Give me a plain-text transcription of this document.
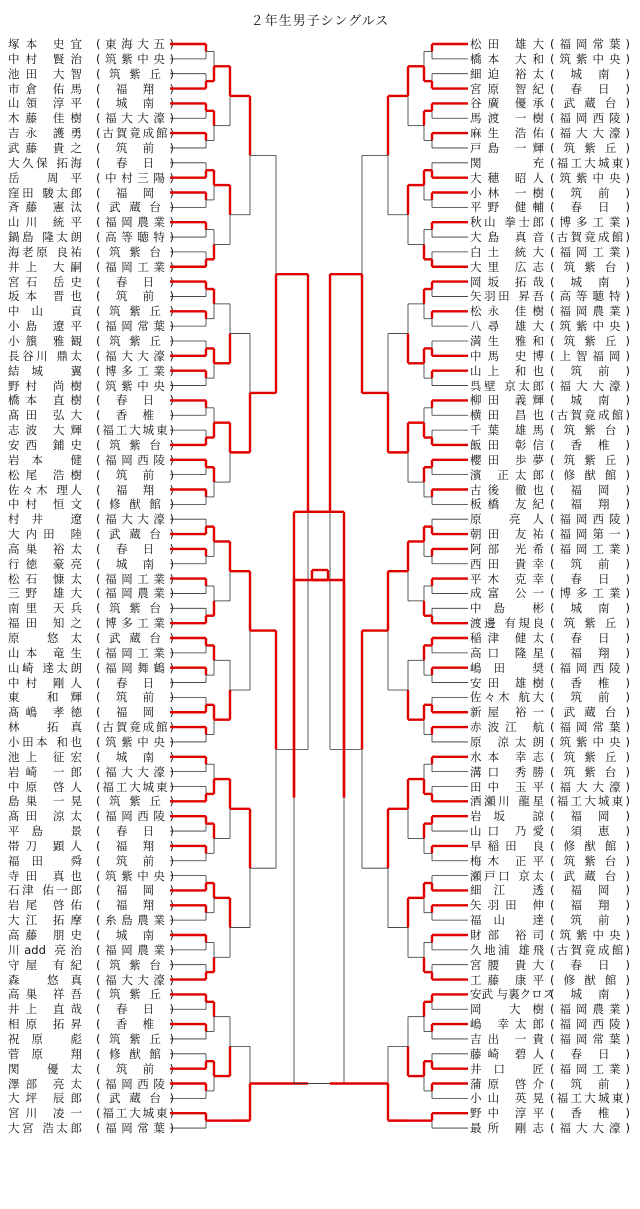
２年生男子シングルス
塚本 史宜 (東海大五)
中村 賢治 (筑紫中央)
池田 大智 (筑紫丘)
市倉 佑馬 (福翔)
山領 淳平 (城南)
木藤 佳樹 (福大大濠)
吉永 護勇 (古賀竟成館)
武藤 貴之 (筑前)
大久保 拓海 (春日)
岳 周平 (中村三陽)
窪田 駿太郎 (福岡)
斉藤 憲汰 (武蔵台)
山川 統平 (福岡農業)
鍋島 隆太朗 (高等聴特)
海老原 良祐 (筑紫台)
井上 大嗣 (福岡工業)
宮石 岳史 (春日)
坂本 晋也 (筑前)
中山 貢 (筑紫丘)
小島 遼平 (福岡常葉)
小籏 雅観 (筑紫丘)
長谷川 鼎太 (福大大濠)
結城 翼 (博多工業)
野村 尚樹 (筑紫中央)
橋本 直樹 (春日)
髙田 弘大 (香椎)
志波 大輝 (福工大城東)
安西 鋪史 (筑紫台)
岩本 健 (福岡西陵)
松尾 浩樹 (筑前)
佐々木 理人 (福翔)
中村 恒文 (修猷館)
村井 遼 (福大大濠)
大内田 陸 (武蔵台)
高巣 裕太 (春日)
行徳 豪亮 (城南)
松石 慷太 (福岡工業)
三野 雄大 (福岡農業)
南里 天兵 (筑紫台)
福田 知之 (博多工業)
原 悠太 (武蔵台)
山本 竜生 (福岡工業)
山崎 達太朗 (福岡舞鶴)
中村 剛人 (春日)
東 和輝 (筑前)
髙嶋 孝徳 (福岡)
林 拓真 (古賀竟成館)
小田本 和也 (筑紫中央)
池上 征宏 (城南)
岩崎 一郎 (福大大濠)
中原 啓人 (福工大城東)
島巣 一晃 (筑紫丘)
髙田 涼太 (福岡西陵)
平島 景 (春日)
帯刀 顕人 (福翔)
福田 舜 (筑前)
寺田 真也 (筑紫中央)
石津 佑一郎 (福岡)
岩尾 啓佑 (福翔)
大江 拓摩 (糸島農業)
高藤 朋史 (城南)
川add 亮治 (福岡農業)
守屋 有紀 (筑紫台)
森 悠真 (福大大濠)
高巣 祥吾 (筑紫丘)
井上 直哉 (春日)
相原 拓昇 (香椎)
祝原 彪 (筑紫丘)
菅原 翔 (修猷館)
関 優太 (筑前)
澤部 亮太 (福岡西陵)
大坪 辰郎 (武蔵台)
宮川 凌一 (福工大城東)
大宮 浩太郎 (福岡常葉)
松田 雄大 (福岡常葉)
橋本 大和 (筑紫中央)
細迫 裕太 (城南)
宮原 智紀 (春日)
谷廣 優承 (武蔵台)
馬渡 一樹 (福岡西陵)
麻生 浩佑 (福大大濠)
戸島 一輝 (筑紫丘)
関 充 (福工大城東)
大穂 昭人 (筑紫中央)
小林 一樹 (筑前)
平野 健輔 (春日)
秋山 拳士郎 (博多工業)
大島 真音 (古賀竟成館)
白土 統大 (福岡工業)
大里 広志 (筑紫台)
岡坂 拓哉 (城南)
矢羽田 昇吾 (高等聴特)
松永 佳樹 (福岡農業)
八尋 雄大 (筑紫中央)
満生 雅和 (筑紫丘)
中馬 史博 (上智福岡)
山上 和也 (筑前)
呉壁 京太郎 (福大大濠)
柳田 義輝 (城南)
横田 昌也 (古賀竟成館)
千葉 雄馬 (筑紫台)
飯田 彰信 (香椎)
櫻田 歩夢 (筑紫丘)
濱 正太郎 (修猷館)
古後 徹也 (福岡)
板橋 友紀 (福翔)
原 亮人 (福岡西陵)
朝田 友祐 (福岡第一)
阿部 光希 (福岡工業)
西田 貴幸 (筑前)
平木 克幸 (春日)
成富 公一 (博多工業)
中島 彬 (城南)
渡邊 有規良 (筑紫丘)
稲津 健太 (春日)
高口 隆星 (福翔)
嶋田 奨 (福岡西陵)
安田 雄樹 (香椎)
佐々木 航大 (筑前)
新屋 裕一 (武蔵台)
赤波江 航 (福岡常葉)
原 涼太朗 (筑紫中央)
水本 幸志 (筑紫丘)
溝口 秀勝 (筑紫台)
田中 玉平 (福大大濠)
酒瀬川 龍星 (福工大城東)
岩坂 諒 (福岡)
山口 乃愛 (須恵)
早稲田 良 (修猷館)
梅木 正平 (筑紫台)
瀬戸口 京太 (武蔵台)
細江 透 (福岡)
矢羽田 伸 (福翔)
福山 達 (筑前)
財部 裕司 (筑紫中央)
久地浦 雄飛 (古賀竟成館)
宮腰 貴大 (春日)
工藤 康平 (修猷館)
安武 与裏クロス(城南)
岡 大樹 (福岡農業)
嶋 幸太郎 (福岡西陵)
吉出 一貴 (福岡常葉)
藤崎 碧人 (春日)
井口 匠 (福岡工業)
蒲原 啓介 (筑前)
小山 英晃 (福工大城東)
野中 淳平 (香椎)
最所 剛志 (福大大濠)
